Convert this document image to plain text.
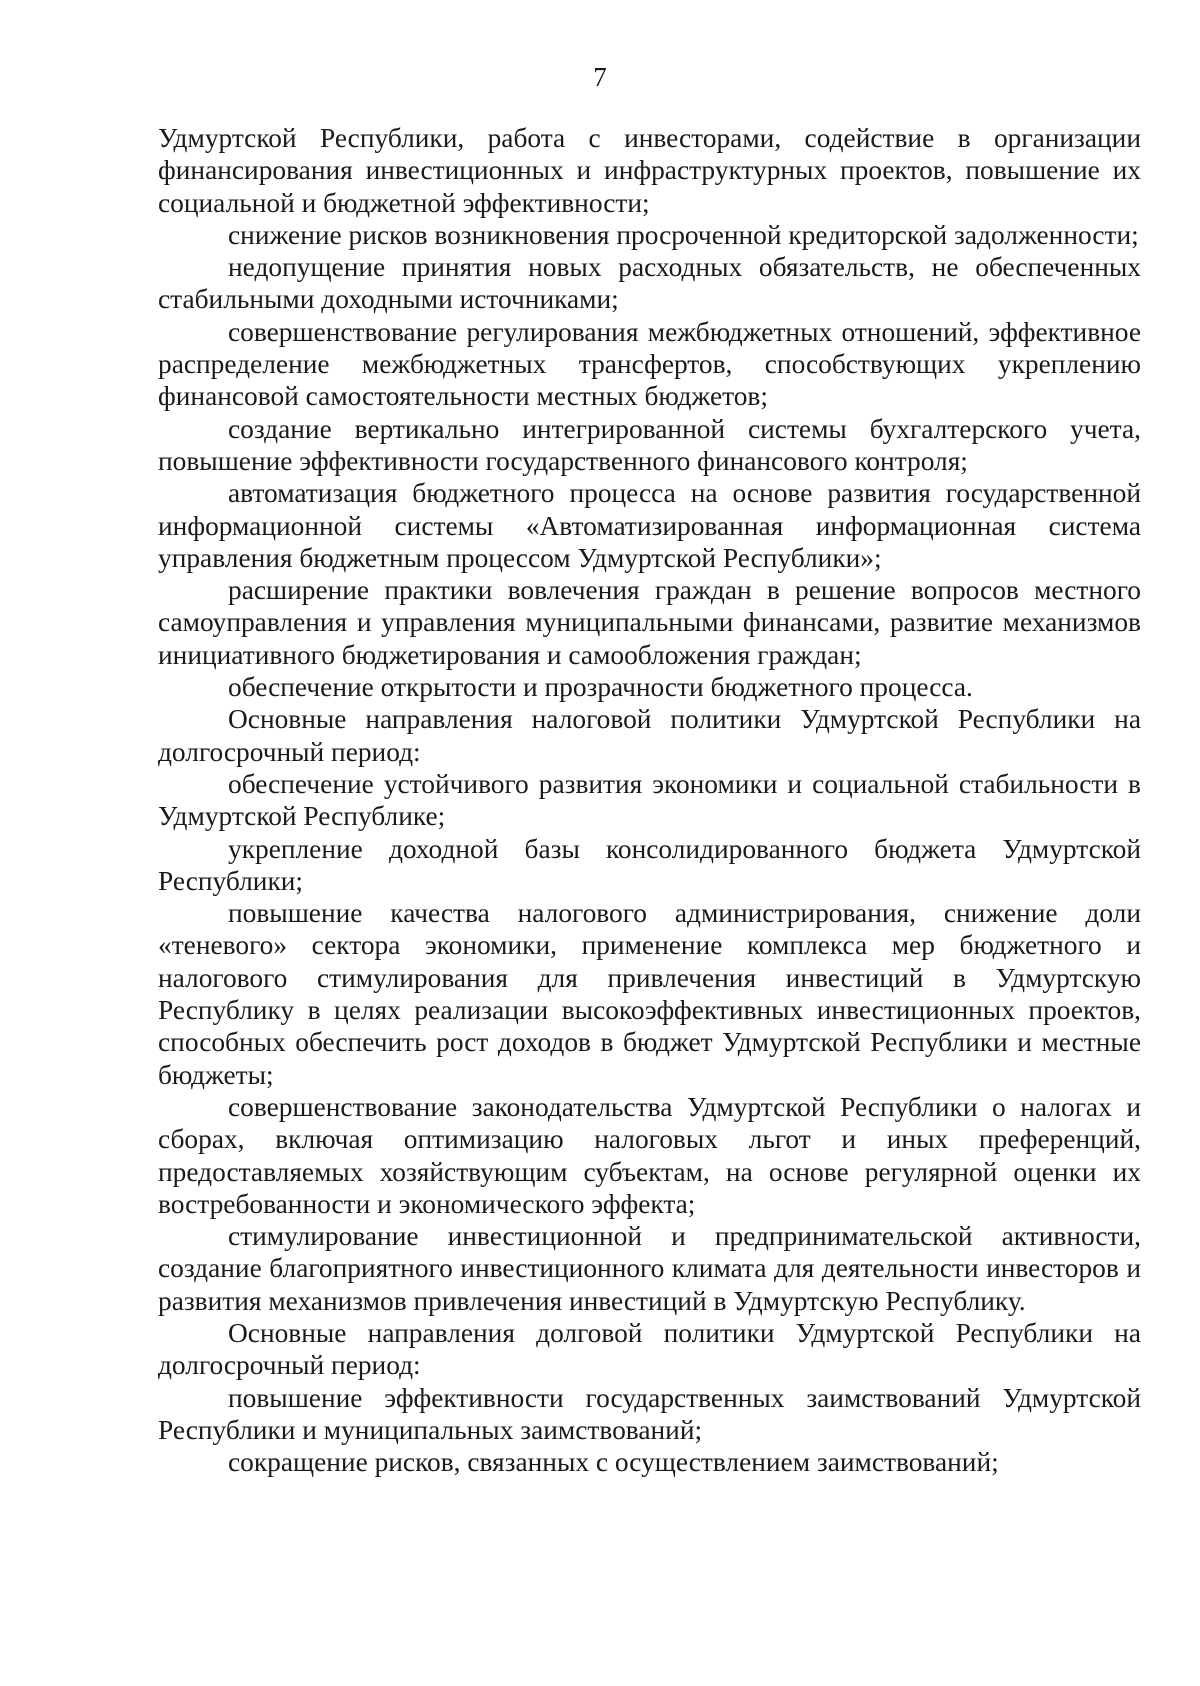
7

Удмуртской Республики, работа с инвесторами, содействие в организации финансирования инвестиционных и инфраструктурных проектов, повышение их социальной и бюджетной эффективности;

снижение рисков возникновения просроченной кредиторской задолженности;

недопущение принятия новых расходных обязательств, не обеспеченных стабильными доходными источниками;

совершенствование регулирования межбюджетных отношений, эффективное распределение межбюджетных трансфертов, способствующих укреплению финансовой самостоятельности местных бюджетов;

создание вертикально интегрированной системы бухгалтерского учета, повышение эффективности государственного финансового контроля;

автоматизация бюджетного процесса на основе развития государственной информационной системы «Автоматизированная информационная система управления бюджетным процессом Удмуртской Республики»;

расширение практики вовлечения граждан в решение вопросов местного самоуправления и управления муниципальными финансами, развитие механизмов инициативного бюджетирования и самообложения граждан;

обеспечение открытости и прозрачности бюджетного процесса.

Основные направления налоговой политики Удмуртской Республики на долгосрочный период:

обеспечение устойчивого развития экономики и социальной стабильности в Удмуртской Республике;

укрепление доходной базы консолидированного бюджета Удмуртской Республики;

повышение качества налогового администрирования, снижение доли «теневого» сектора экономики, применение комплекса мер бюджетного и налогового стимулирования для привлечения инвестиций в Удмуртскую Республику в целях реализации высокоэффективных инвестиционных проектов, способных обеспечить рост доходов в бюджет Удмуртской Республики и местные бюджеты;

совершенствование законодательства Удмуртской Республики о налогах и сборах, включая оптимизацию налоговых льгот и иных преференций, предоставляемых хозяйствующим субъектам, на основе регулярной оценки их востребованности и экономического эффекта;

стимулирование инвестиционной и предпринимательской активности, создание благоприятного инвестиционного климата для деятельности инвесторов и развития механизмов привлечения инвестиций в Удмуртскую Республику.

Основные направления долговой политики Удмуртской Республики на долгосрочный период:

повышение эффективности государственных заимствований Удмуртской Республики и муниципальных заимствований;

сокращение рисков, связанных с осуществлением заимствований;
